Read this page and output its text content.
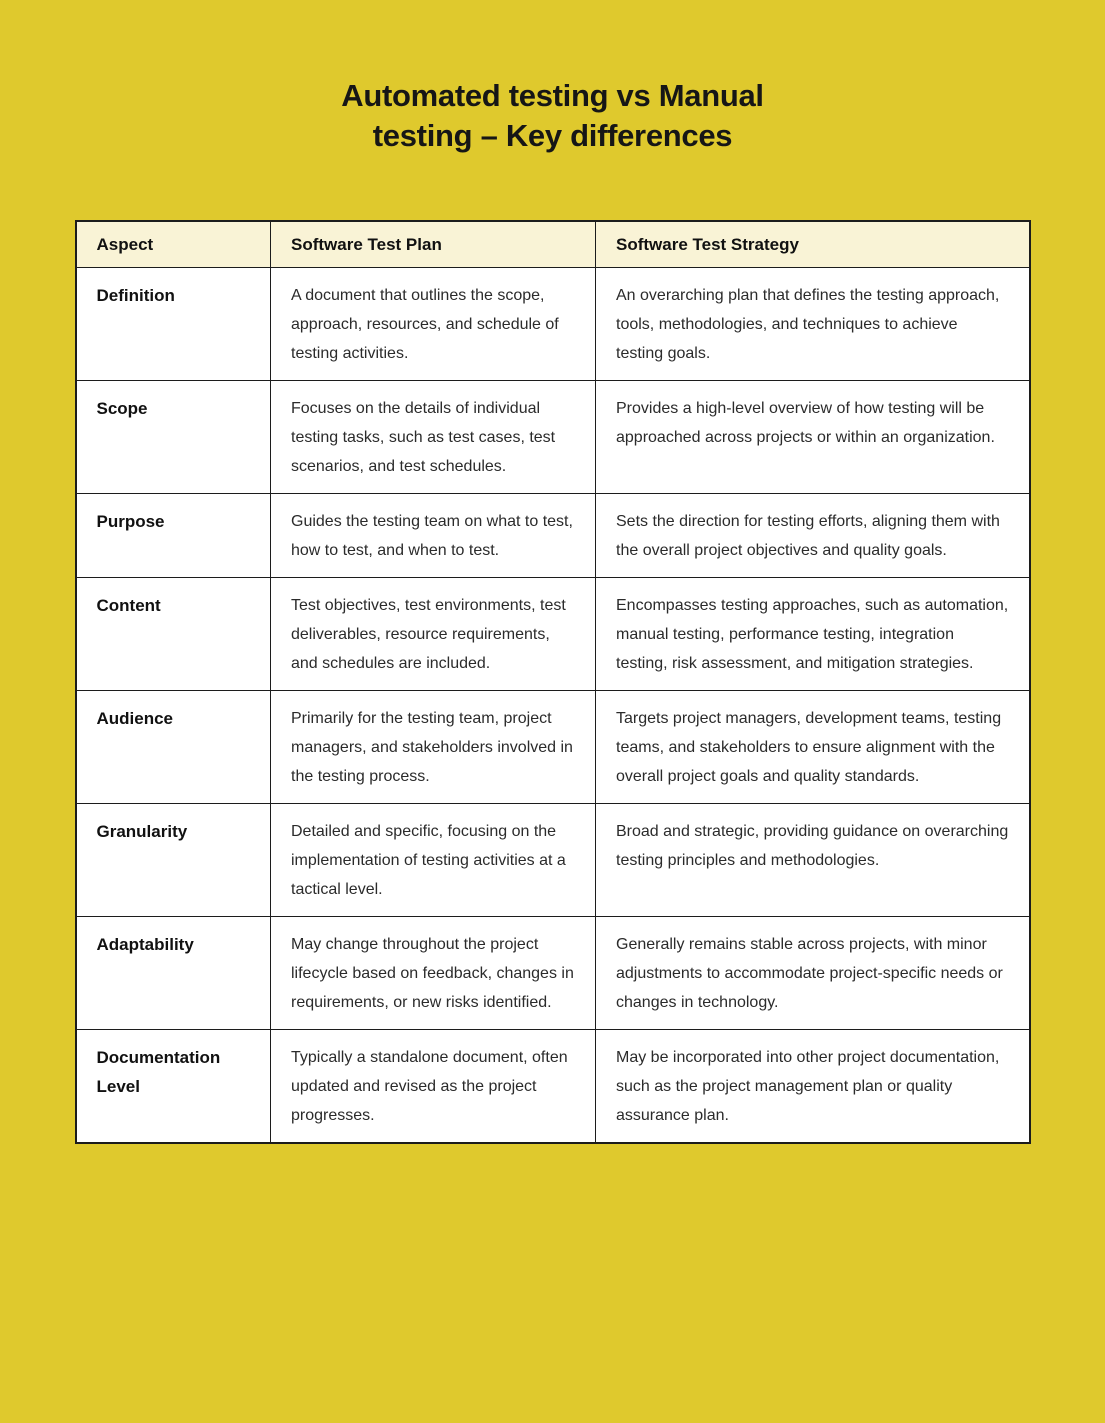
Automated testing vs Manual
testing – Key differences
Aspect	Software Test Plan	Software Test Strategy
Definition	A document that outlines the scope, approach, resources, and schedule of testing activities.	An overarching plan that defines the testing approach, tools, methodologies, and techniques to achieve testing goals.
Scope	Focuses on the details of individual testing tasks, such as test cases, test scenarios, and test schedules.	Provides a high-level overview of how testing will be approached across projects or within an organization.
Purpose	Guides the testing team on what to test, how to test, and when to test.	Sets the direction for testing efforts, aligning them with the overall project objectives and quality goals.
Content	Test objectives, test environments, test deliverables, resource requirements, and schedules are included.	Encompasses testing approaches, such as automation, manual testing, performance testing, integration testing, risk assessment, and mitigation strategies.
Audience	Primarily for the testing team, project managers, and stakeholders involved in the testing process.	Targets project managers, development teams, testing teams, and stakeholders to ensure alignment with the overall project goals and quality standards.
Granularity	Detailed and specific, focusing on the implementation of testing activities at a tactical level.	Broad and strategic, providing guidance on overarching testing principles and methodologies.
Adaptability	May change throughout the project lifecycle based on feedback, changes in requirements, or new risks identified.	Generally remains stable across projects, with minor adjustments to accommodate project-specific needs or changes in technology.
Documentation Level	Typically a standalone document, often updated and revised as the project progresses.	May be incorporated into other project documentation, such as the project management plan or quality assurance plan.
